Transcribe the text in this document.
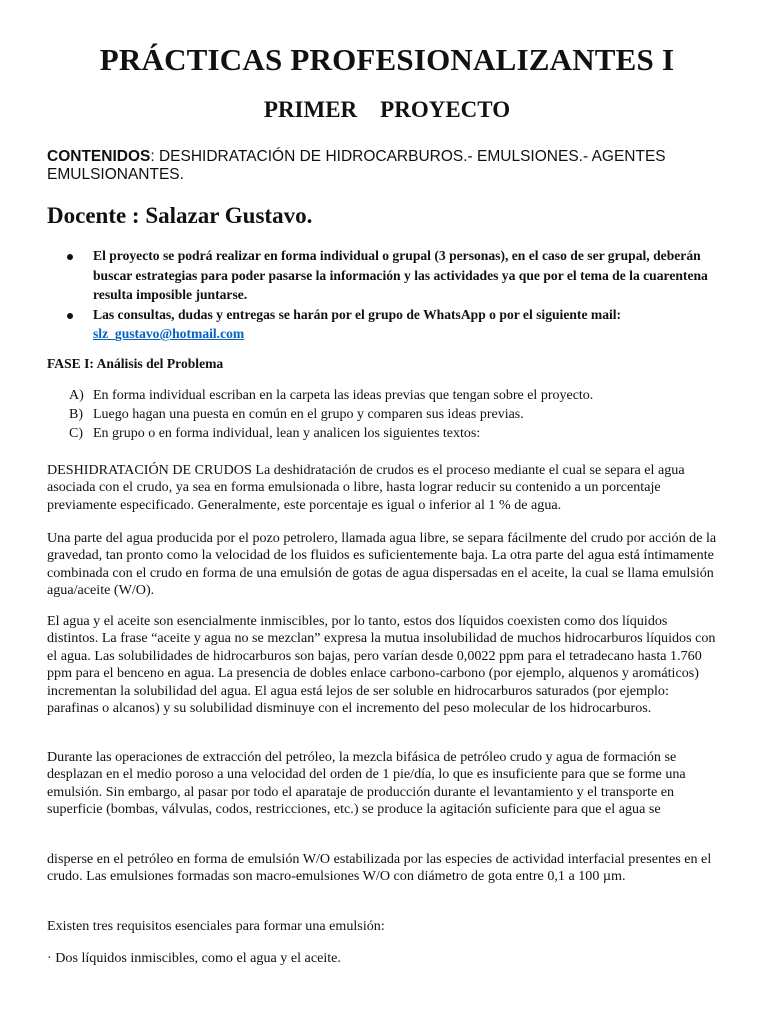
PRÁCTICAS PROFESIONALIZANTES I
PRIMER    PROYECTO
CONTENIDOS: DESHIDRATACIÓN DE HIDROCARBUROS.- EMULSIONES.- AGENTES EMULSIONANTES.
Docente : Salazar Gustavo.
El proyecto se podrá realizar en forma individual o grupal (3 personas), en el caso de ser grupal, deberán buscar estrategias para poder pasarse la información y las actividades ya que por el tema de la cuarentena resulta imposible juntarse.
Las consultas, dudas y entregas se harán por el grupo de WhatsApp o por el siguiente mail:
slz_gustavo@hotmail.com
FASE I: Análisis del Problema
A) En forma individual escriban en la carpeta las ideas previas que tengan sobre el proyecto.
B) Luego hagan una puesta en común en el grupo y comparen sus ideas previas.
C) En grupo o en forma individual, lean y analicen los siguientes textos:

DESHIDRATACIÓN DE CRUDOS La deshidratación de crudos es el proceso mediante el cual se separa el agua asociada con el crudo, ya sea en forma emulsionada o libre, hasta lograr reducir su contenido a un porcentaje previamente especificado. Generalmente, este porcentaje es igual o inferior al 1 % de agua.

Una parte del agua producida por el pozo petrolero, llamada agua libre, se separa fácilmente del crudo por acción de la gravedad, tan pronto como la velocidad de los fluidos es suficientemente baja. La otra parte del agua está íntimamente combinada con el crudo en forma de una emulsión de gotas de agua dispersadas en el aceite, la cual se llama emulsión agua/aceite (W/O).

El agua y el aceite son esencialmente inmiscibles, por lo tanto, estos dos líquidos coexisten como dos líquidos distintos. La frase “aceite y agua no se mezclan” expresa la mutua insolubilidad de muchos hidrocarburos líquidos con el agua. Las solubilidades de hidrocarburos son bajas, pero varían desde 0,0022 ppm para el tetradecano hasta 1.760 ppm para el benceno en agua. La presencia de dobles enlace carbono-carbono (por ejemplo, alquenos y aromáticos) incrementan la solubilidad del agua. El agua está lejos de ser soluble en hidrocarburos saturados (por ejemplo: parafinas o alcanos) y su solubilidad disminuye con el incremento del peso molecular de los hidrocarburos.

Durante las operaciones de extracción del petróleo, la mezcla bifásica de petróleo crudo y agua de formación se desplazan en el medio poroso a una velocidad del orden de 1 pie/día, lo que es insuficiente para que se forme una emulsión. Sin embargo, al pasar por todo el aparataje de producción durante el levantamiento y el transporte en superficie (bombas, válvulas, codos, restricciones, etc.) se produce la agitación suficiente para que el agua se

disperse en el petróleo en forma de emulsión W/O estabilizada por las especies de actividad interfacial presentes en el crudo. Las emulsiones formadas son macro-emulsiones W/O con diámetro de gota entre 0,1 a 100 µm.

Existen tres requisitos esenciales para formar una emulsión:

· Dos líquidos inmiscibles, como el agua y el aceite.
